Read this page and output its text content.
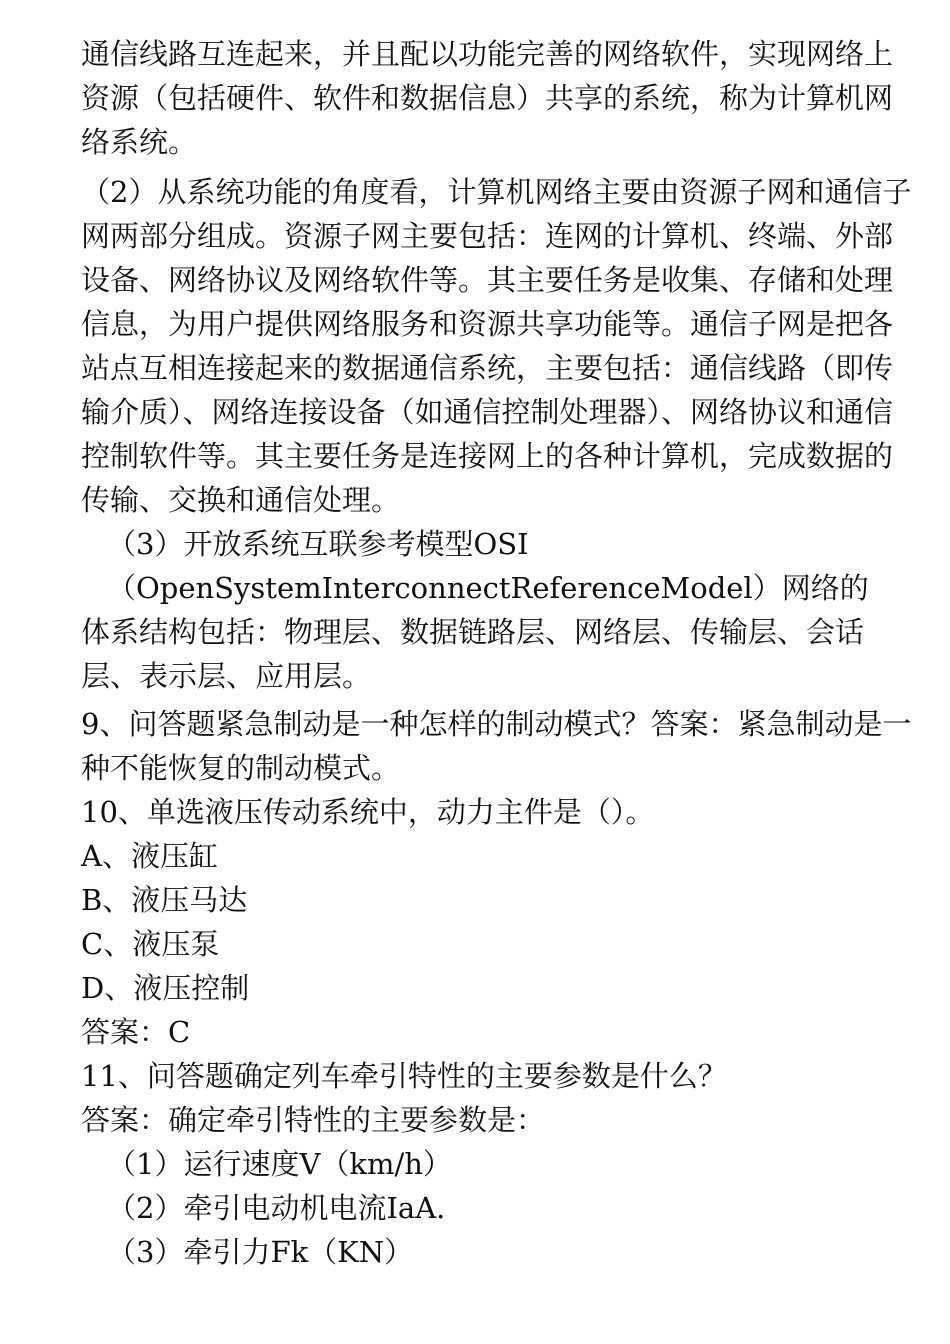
通信线路互连起来，并且配以功能完善的网络软件，实现网络上资源（包括硬件、软件和数据信息）共享的系统，称为计算机网络系统。

（2）从系统功能的角度看，计算机网络主要由资源子网和通信子网两部分组成。资源子网主要包括：连网的计算机、终端、外部设备、网络协议及网络软件等。其主要任务是收集、存储和处理信息，为用户提供网络服务和资源共享功能等。通信子网是把各站点互相连接起来的数据通信系统，主要包括：通信线路（即传输介质）、网络连接设备（如通信控制处理器）、网络协议和通信控制软件等。其主要任务是连接网上的各种计算机，完成数据的传输、交换和通信处理。

（3）开放系统互联参考模型OSI

（OpenSystemInterconnectReferenceModel）网络的

体系结构包括：物理层、数据链路层、网络层、传输层、会话层、表示层、应用层。

9、问答题紧急制动是一种怎样的制动模式？答案：紧急制动是一种不能恢复的制动模式。

10、单选液压传动系统中，动力主件是（）。

A、液压缸

B、液压马达

C、液压泵

D、液压控制

答案：C

11、问答题确定列车牵引特性的主要参数是什么？

答案：确定牵引特性的主要参数是：

（1）运行速度V（km/h）

（2）牵引电动机电流IaA.

（3）牵引力Fk（KN）
